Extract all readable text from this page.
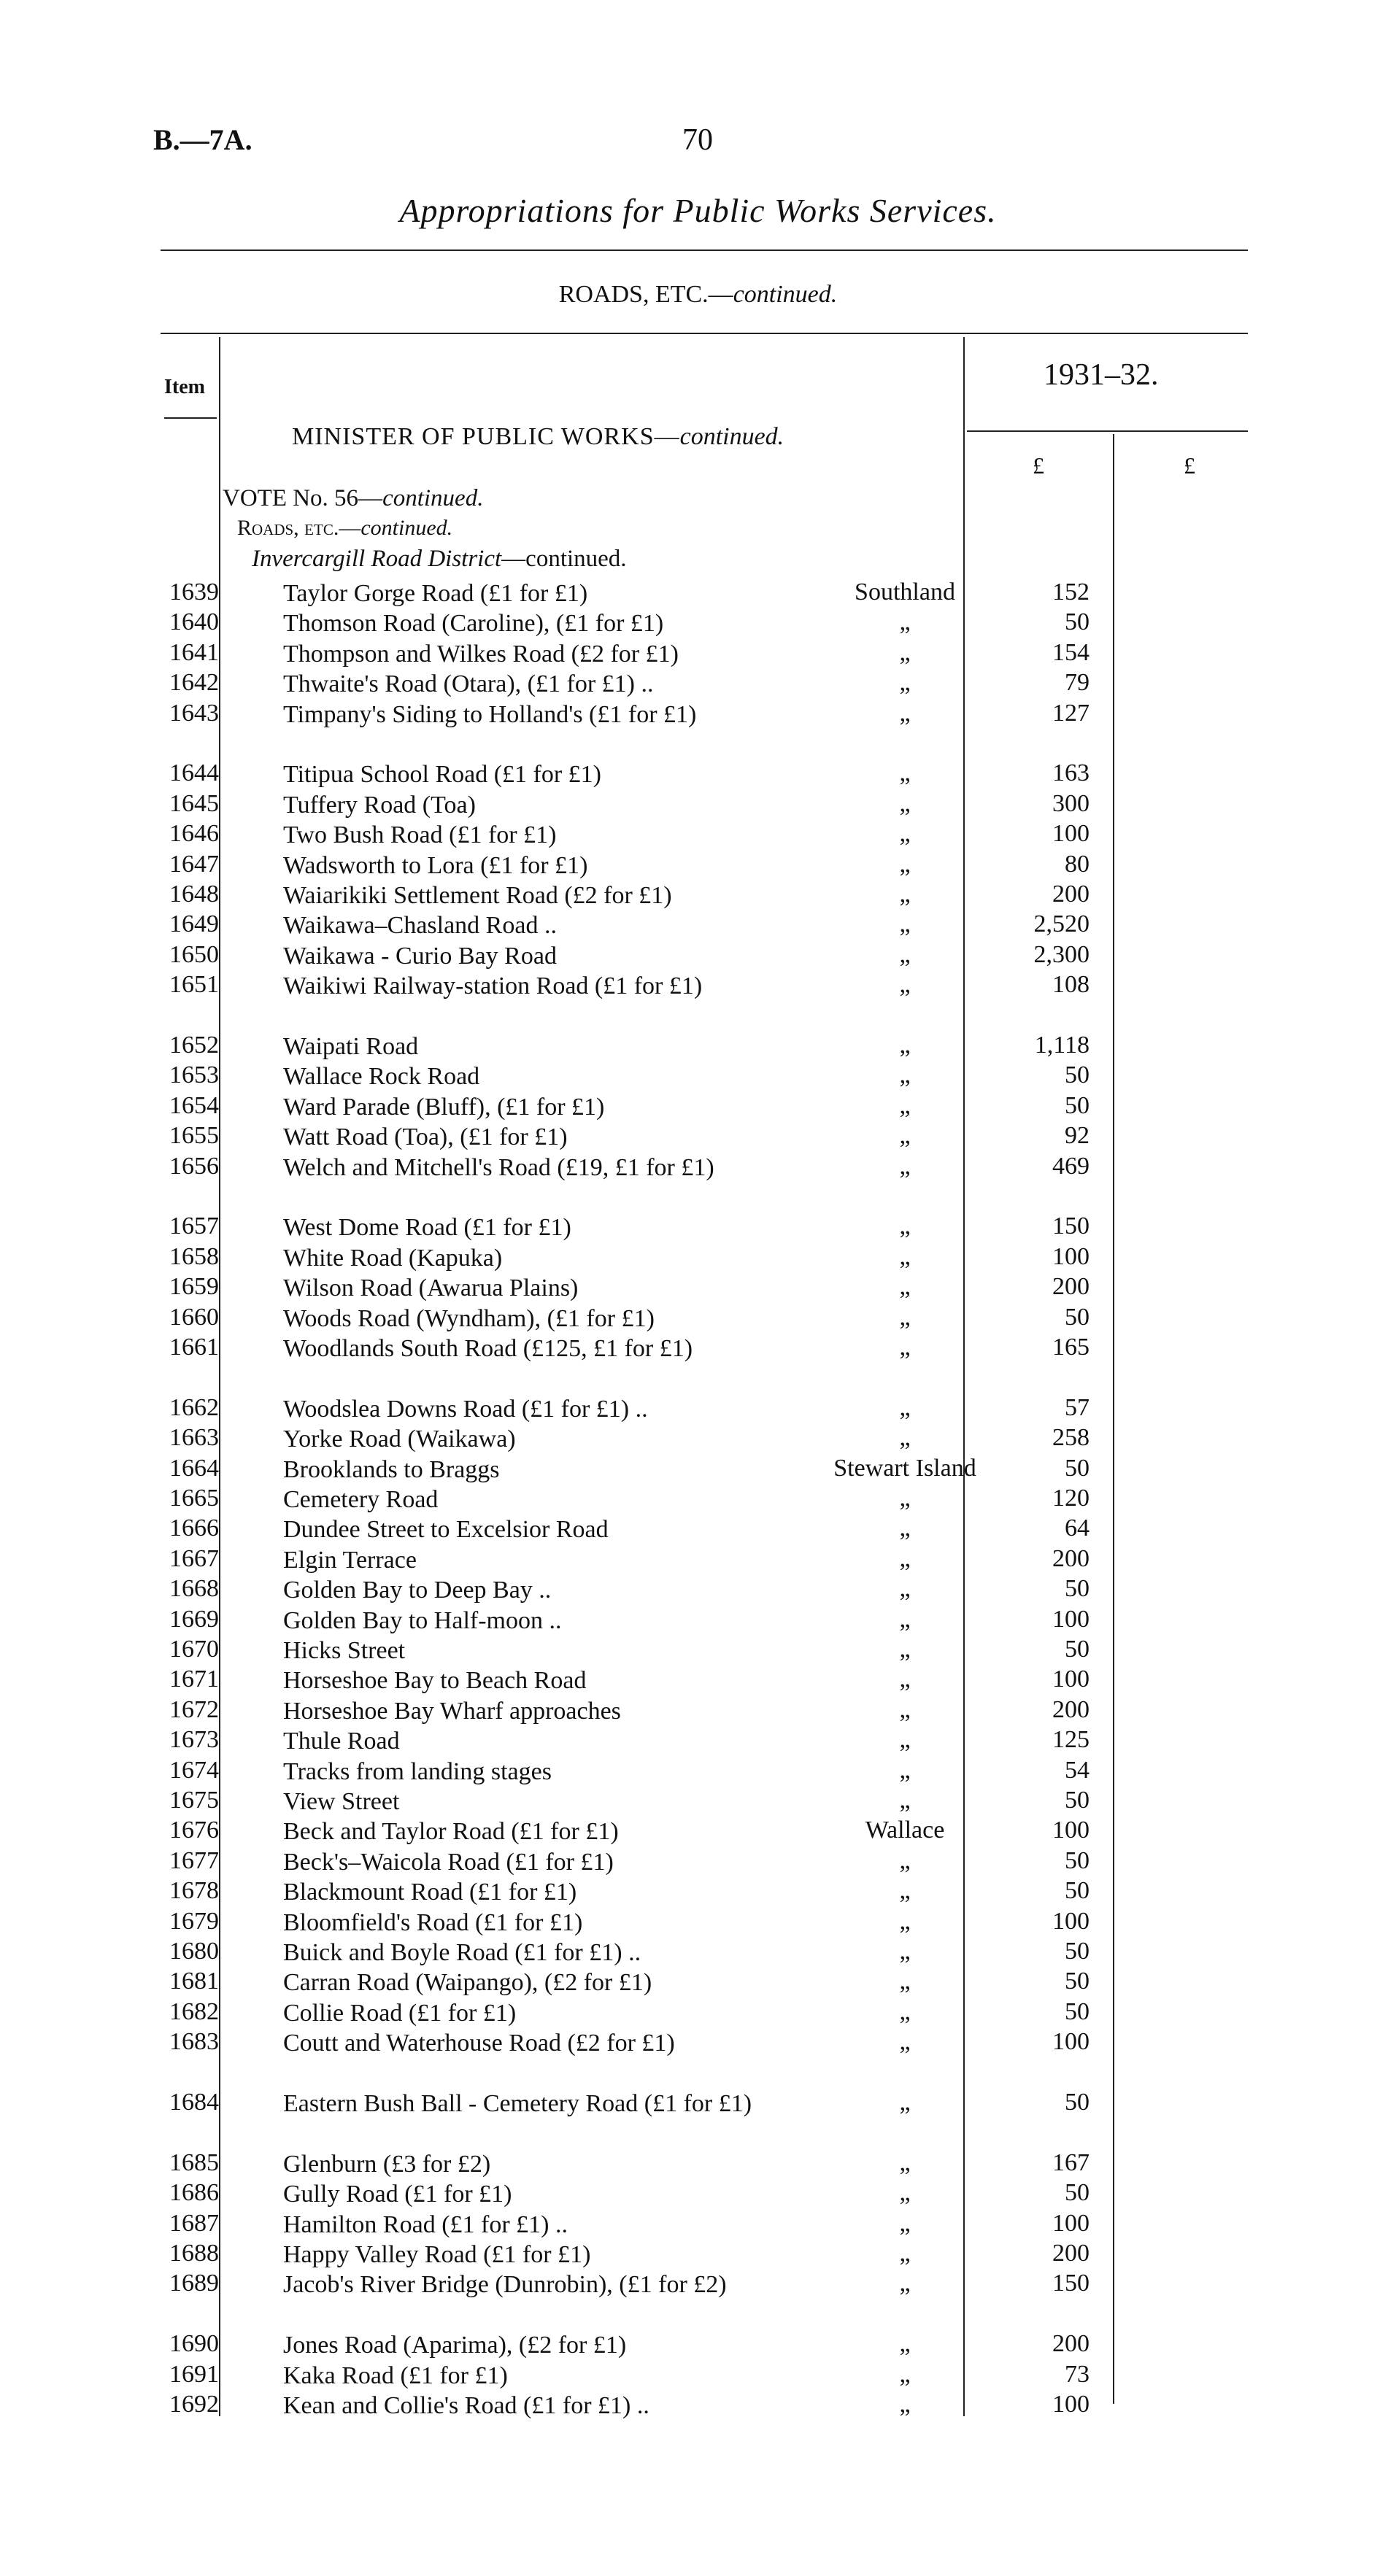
B.—7A.	70
Appropriations for Public Works Services.
ROADS, ETC.—continued.
Item	1931–32.
£	£
MINISTER OF PUBLIC WORKS—continued.
VOTE No. 56—continued.
Roads, etc.—continued.
Invercargill Road District—continued.
1639	Taylor Gorge Road (£1 for £1)	Southland	152
1640	Thomson Road (Caroline), (£1 for £1)	„	50
1641	Thompson and Wilkes Road (£2 for £1)	„	154
1642	Thwaite's Road (Otara), (£1 for £1) ..	„	79
1643	Timpany's Siding to Holland's (£1 for £1)	„	127
1644	Titipua School Road (£1 for £1)	„	163
1645	Tuffery Road (Toa)	„	300
1646	Two Bush Road (£1 for £1)	„	100
1647	Wadsworth to Lora (£1 for £1)	„	80
1648	Waiarikiki Settlement Road (£2 for £1)	„	200
1649	Waikawa–Chasland Road ..	„	2,520
1650	Waikawa - Curio Bay Road	„	2,300
1651	Waikiwi Railway-station Road (£1 for £1)	„	108
1652	Waipati Road	„	1,118
1653	Wallace Rock Road	„	50
1654	Ward Parade (Bluff), (£1 for £1)	„	50
1655	Watt Road (Toa), (£1 for £1)	„	92
1656	Welch and Mitchell's Road (£19, £1 for £1)	„	469
1657	West Dome Road (£1 for £1)	„	150
1658	White Road (Kapuka)	„	100
1659	Wilson Road (Awarua Plains)	„	200
1660	Woods Road (Wyndham), (£1 for £1)	„	50
1661	Woodlands South Road (£125, £1 for £1)	„	165
1662	Woodslea Downs Road (£1 for £1) ..	„	57
1663	Yorke Road (Waikawa)	„	258
1664	Brooklands to Braggs	Stewart Island	50
1665	Cemetery Road	„	120
1666	Dundee Street to Excelsior Road	„	64
1667	Elgin Terrace	„	200
1668	Golden Bay to Deep Bay ..	„	50
1669	Golden Bay to Half-moon ..	„	100
1670	Hicks Street	„	50
1671	Horseshoe Bay to Beach Road	„	100
1672	Horseshoe Bay Wharf approaches	„	200
1673	Thule Road	„	125
1674	Tracks from landing stages	„	54
1675	View Street	„	50
1676	Beck and Taylor Road (£1 for £1)	Wallace	100
1677	Beck's–Waicola Road (£1 for £1)	„	50
1678	Blackmount Road (£1 for £1)	„	50
1679	Bloomfield's Road (£1 for £1)	„	100
1680	Buick and Boyle Road (£1 for £1) ..	„	50
1681	Carran Road (Waipango), (£2 for £1)	„	50
1682	Collie Road (£1 for £1)	„	50
1683	Coutt and Waterhouse Road (£2 for £1)	„	100
1684	Eastern Bush Ball - Cemetery Road (£1 for £1)	„	50
1685	Glenburn (£3 for £2)	„	167
1686	Gully Road (£1 for £1)	„	50
1687	Hamilton Road (£1 for £1) ..	„	100
1688	Happy Valley Road (£1 for £1)	„	200
1689	Jacob's River Bridge (Dunrobin), (£1 for £2)	„	150
1690	Jones Road (Aparima), (£2 for £1)	„	200
1691	Kaka Road (£1 for £1)	„	73
1692	Kean and Collie's Road (£1 for £1) ..	„	100
